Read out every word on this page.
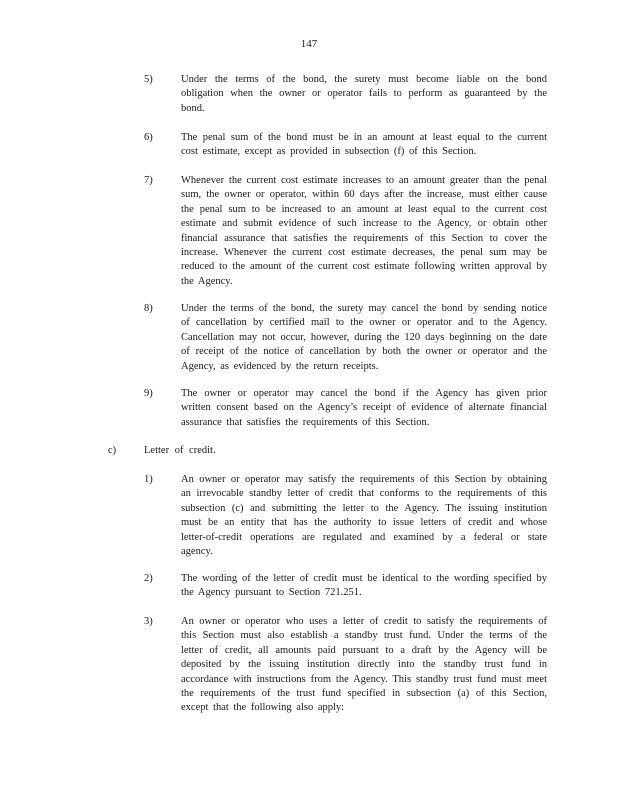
147
5)	Under the terms of the bond, the surety must become liable on the bond obligation when the owner or operator fails to perform as guaranteed by the bond.
6)	The penal sum of the bond must be in an amount at least equal to the current cost estimate, except as provided in subsection (f) of this Section.
7)	Whenever the current cost estimate increases to an amount greater than the penal sum, the owner or operator, within 60 days after the increase, must either cause the penal sum to be increased to an amount at least equal to the current cost estimate and submit evidence of such increase to the Agency, or obtain other financial assurance that satisfies the requirements of this Section to cover the increase. Whenever the current cost estimate decreases, the penal sum may be reduced to the amount of the current cost estimate following written approval by the Agency.
8)	Under the terms of the bond, the surety may cancel the bond by sending notice of cancellation by certified mail to the owner or operator and to the Agency. Cancellation may not occur, however, during the 120 days beginning on the date of receipt of the notice of cancellation by both the owner or operator and the Agency, as evidenced by the return receipts.
9)	The owner or operator may cancel the bond if the Agency has given prior written consent based on the Agency’s receipt of evidence of alternate financial assurance that satisfies the requirements of this Section.
c)	Letter of credit.
1)	An owner or operator may satisfy the requirements of this Section by obtaining an irrevocable standby letter of credit that conforms to the requirements of this subsection (c) and submitting the letter to the Agency. The issuing institution must be an entity that has the authority to issue letters of credit and whose letter-of-credit operations are regulated and examined by a federal or state agency.
2)	The wording of the letter of credit must be identical to the wording specified by the Agency pursuant to Section 721.251.
3)	An owner or operator who uses a letter of credit to satisfy the requirements of this Section must also establish a standby trust fund. Under the terms of the letter of credit, all amounts paid pursuant to a draft by the Agency will be deposited by the issuing institution directly into the standby trust fund in accordance with instructions from the Agency. This standby trust fund must meet the requirements of the trust fund specified in subsection (a) of this Section, except that the following also apply:
